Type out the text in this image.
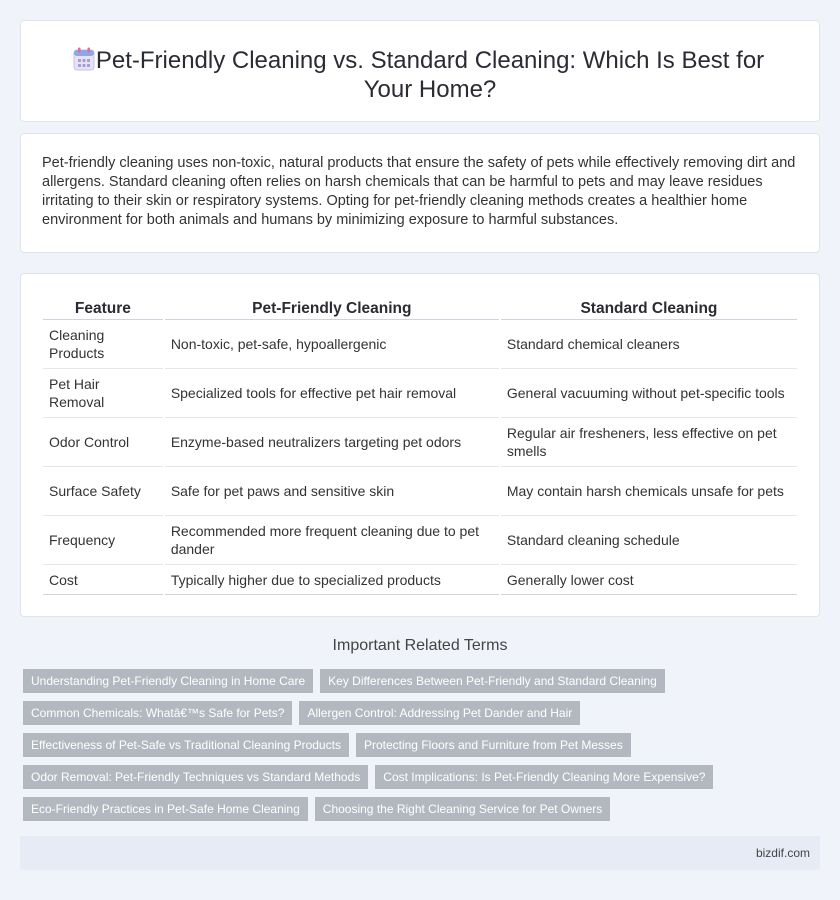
Pet-Friendly Cleaning vs. Standard Cleaning: Which Is Best for Your Home?

Pet-friendly cleaning uses non-toxic, natural products that ensure the safety of pets while effectively removing dirt and allergens. Standard cleaning often relies on harsh chemicals that can be harmful to pets and may leave residues irritating to their skin or respiratory systems. Opting for pet-friendly cleaning methods creates a healthier home environment for both animals and humans by minimizing exposure to harmful substances.

Feature	Pet-Friendly Cleaning	Standard Cleaning
Cleaning Products	Non-toxic, pet-safe, hypoallergenic	Standard chemical cleaners
Pet Hair Removal	Specialized tools for effective pet hair removal	General vacuuming without pet-specific tools
Odor Control	Enzyme-based neutralizers targeting pet odors	Regular air fresheners, less effective on pet smells
Surface Safety	Safe for pet paws and sensitive skin	May contain harsh chemicals unsafe for pets
Frequency	Recommended more frequent cleaning due to pet dander	Standard cleaning schedule
Cost	Typically higher due to specialized products	Generally lower cost
Important Related Terms
Understanding Pet-Friendly Cleaning in Home Care	Key Differences Between Pet-Friendly and Standard Cleaning
Common Chemicals: Whatâ€™s Safe for Pets?	Allergen Control: Addressing Pet Dander and Hair
Effectiveness of Pet-Safe vs Traditional Cleaning Products	Protecting Floors and Furniture from Pet Messes
Odor Removal: Pet-Friendly Techniques vs Standard Methods	Cost Implications: Is Pet-Friendly Cleaning More Expensive?
Eco-Friendly Practices in Pet-Safe Home Cleaning	Choosing the Right Cleaning Service for Pet Owners
bizdif.com
